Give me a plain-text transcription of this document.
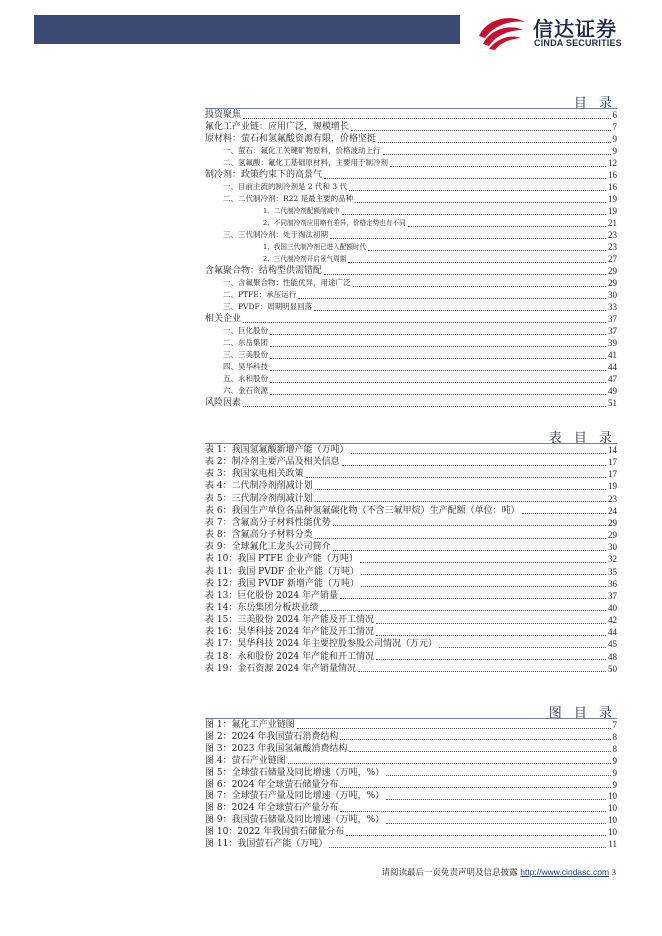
信达证券
CINDA SECURITIES
目 录
投资聚焦	6
氟化工产业链：应用广泛，规模增长	7
原材料：萤石和氢氟酸资源有限，价格坚挺	9
一、萤石：氟化工关键矿物原料，价格波动上行	9
二、氢氟酸：氟化工基础原材料，主要用于制冷剂	12
制冷剂：政策约束下的高景气	16
一、目前主流的制冷剂是 2 代和 3 代	16
二、二代制冷剂：R22 是最主要的品种	19
1、二代制冷剂配额削减中	19
2、不同制冷剂应用略有差异，价格走势也有不同	21
三、三代制冷剂：处于淘汰初期	23
1、我国三代制冷剂已进入配额时代	23
2、三代制冷剂开启景气周期	27
含氟聚合物：结构型供需错配	29
一、含氟聚合物：性能优异，用途广泛	29
二、PTFE：承压运行	30
三、PVDF：周期明显回落	33
相关企业	37
一、巨化股份	37
二、东岳集团	39
三、三美股份	41
四、昊华科技	44
五、永和股份	47
六、金石资源	49
风险因素	51
表 目 录
表 1：我国氢氟酸新增产能（万吨）	14
表 2：制冷剂主要产品及相关信息	17
表 3：我国家电相关政策	17
表 4：二代制冷剂削减计划	19
表 5：三代制冷剂削减计划	23
表 6：我国生产单位各品种氢氟碳化物（不含三氟甲烷）生产配额（单位：吨）	24
表 7：含氟高分子材料性能优势	29
表 8：含氟高分子材料分类	29
表 9：全球氟化工龙头公司简介	30
表 10：我国 PTFE 企业产能（万吨）	32
表 11：我国 PVDF 企业产能（万吨）	35
表 12：我国 PVDF 新增产能（万吨）	36
表 13：巨化股份 2024 年产销量	37
表 14：东岳集团分板块业绩	40
表 15：三美股份 2024 年产能及开工情况	42
表 16：昊华科技 2024 年产能及开工情况	44
表 17：昊华科技 2024 年主要控股参股公司情况（万元）	45
表 18：永和股份 2024 年产能和开工情况	48
表 19：金石资源 2024 年产销量情况	50
图 目 录
图 1：氟化工产业链图	7
图 2：2024 年我国萤石消费结构	8
图 3：2023 年我国氢氟酸消费结构	8
图 4：萤石产业链图	9
图 5：全球萤石储量及同比增速（万吨，%）	9
图 6：2024 年全球萤石储量分布	9
图 7：全球萤石产量及同比增速（万吨，%）	10
图 8：2024 年全球萤石产量分布	10
图 9：我国萤石储量及同比增速（万吨，%）	10
图 10：2022 年我国萤石储量分布	10
图 11：我国萤石产能（万吨）	11
请阅读最后一页免责声明及信息披露 http://www.cindasc.com 3
